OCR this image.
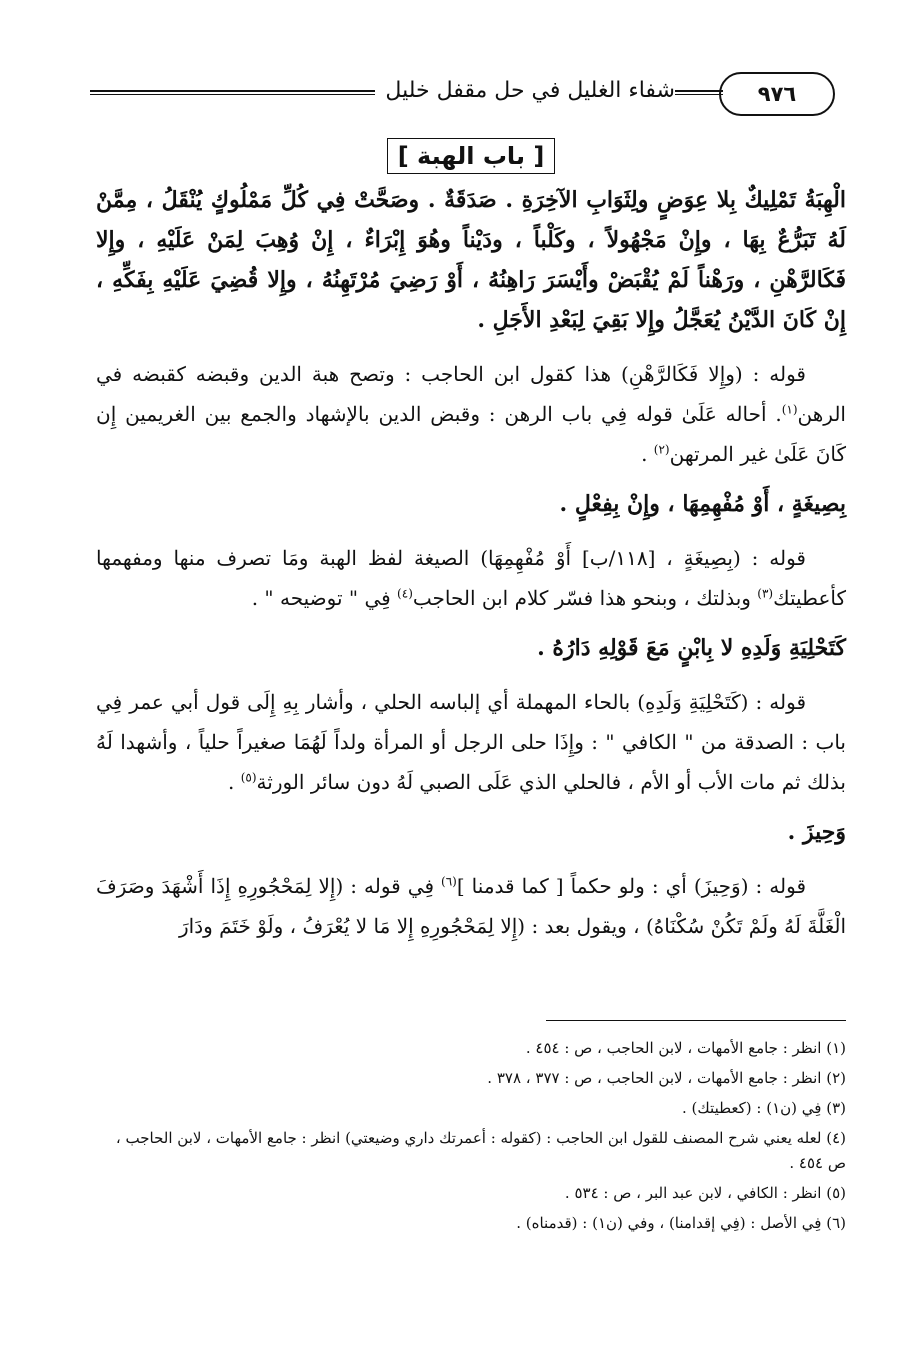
٩٧٦
شفاء الغليل في حل مقفل خليل
[ باب الهبة ]

الْهِبَةُ تَمْلِيكٌ بِلا عِوَضٍ ولِثَوَابِ الآخِرَةِ . صَدَقَةٌ . وصَحَّتْ فِي كُلِّ مَمْلُوكٍ يُنْقَلُ ، مِمَّنْ لَهُ تَبَرُّعٌ بِهَا ، وإِنْ مَجْهُولاً ، وكَلْباً ، ودَيْناً وهُوَ إِبْرَاءٌ ، إِنْ وُهِبَ لِمَنْ عَلَيْهِ ، وإِلا فَكَالرَّهْنِ ، ورَهْناً لَمْ يُقْبَضْ وأَيْسَرَ رَاهِنُهُ ، أَوْ رَضِيَ مُرْتَهِنُهُ ، وإِلا قُضِيَ عَلَيْهِ بِفَكِّهِ ، إِنْ كَانَ الدَّيْنُ يُعَجَّلُ وإِلا بَقِيَ لِبَعْدِ الأَجَلِ .

قوله : (وإِلا فَكَالرَّهْنِ) هذا كقول ابن الحاجب : وتصح هبة الدين وقبضه كقبضه في الرهن$^{(١)}$. أحاله عَلَىٰ قوله فِي باب الرهن : وقبض الدين بالإشهاد والجمع بين الغريمين إِن كَانَ عَلَىٰ غير المرتهن$^{(٢)}$ .

بِصِيغَةٍ ، أَوْ مُفْهِمِهَا ، وإِنْ بِفِعْلٍ .

قوله : (بِصِيغَةٍ ، [١١٨/ب] أَوْ مُفْهِمِهَا) الصيغة لفظ الهبة ومَا تصرف منها ومفهمها كأعطيتك$^{(٣)}$ وبذلتك ، وبنحو هذا فسّر كلام ابن الحاجب$^{(٤)}$ فِي " توضيحه " .

كَتَحْلِيَةِ وَلَدِهِ لا بِابْنٍ مَعَ قَوْلِهِ دَارُهُ .

قوله : (كَتَحْلِيَةِ وَلَدِهِ) بالحاء المهملة أي إلباسه الحلي ، وأشار بِهِ إِلَى قول أبي عمر فِي باب : الصدقة من " الكافي " : وإِذَا حلى الرجل أو المرأة ولداً لَهُمَا صغيراً حلياً ، وأشهدا لَهُ بذلك ثم مات الأب أو الأم ، فالحلي الذي عَلَى الصبي لَهُ دون سائر الورثة$^{(٥)}$ .

وَحِيزَ .

قوله : (وَحِيزَ) أي : ولو حكماً [ كما قدمنا ]$^{(٦)}$ فِي قوله : (إِلا لِمَحْجُورِهِ إِذَا أَشْهَدَ وصَرَفَ الْغَلَّةَ لَهُ ولَمْ تَكُنْ سُكْنَاهُ) ، ويقول بعد : (إِلا لِمَحْجُورِهِ إِلا مَا لا يُعْرَفُ ، ولَوْ خَتَمَ ودَارَ

(١) انظر : جامع الأمهات ، لابن الحاجب ، ص : ٤٥٤ .

(٢) انظر : جامع الأمهات ، لابن الحاجب ، ص : ٣٧٧ ، ٣٧٨ .

(٣) فِي (ن١) : (كعطيتك) .

(٤) لعله يعني شرح المصنف للقول ابن الحاجب : (كقوله : أعمرتك داري وضيعتي) انظر : جامع الأمهات ، لابن الحاجب ، ص ٤٥٤ .

(٥) انظر : الكافي ، لابن عبد البر ، ص : ٥٣٤ .

(٦) فِي الأصل : (فِي إقدامنا) ، وفي (ن١) : (قدمناه) .
